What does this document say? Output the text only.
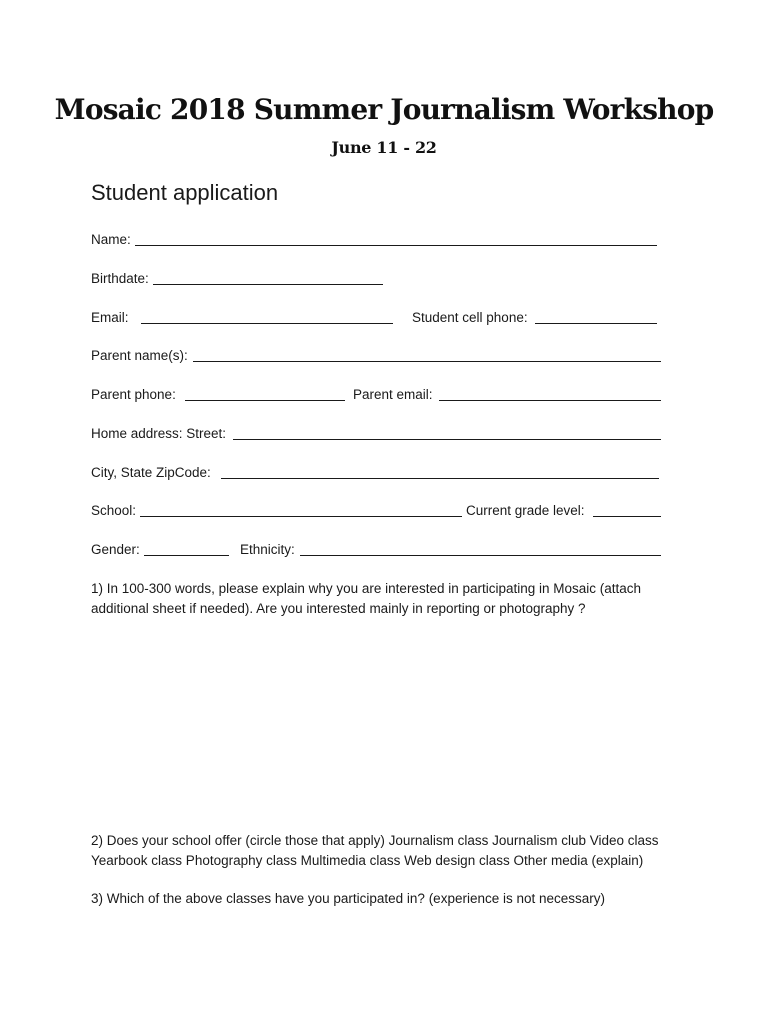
Mosaic 2018 Summer Journalism Workshop
June 11 - 22
Student application
Name:
Birthdate:
Email:	Student cell phone:
Parent name(s):
Parent phone:	Parent email:
Home address: Street:
City, State ZipCode:
School:	Current grade level:
Gender:	Ethnicity:

1) In 100-300 words, please explain why you are interested in participating in Mosaic (attach

additional sheet if needed). Are you interested mainly in reporting or photography ?

2) Does your school offer (circle those that apply) Journalism class Journalism club Video class

Yearbook class Photography class Multimedia class Web design class Other media (explain)

3) Which of the above classes have you participated in? (experience is not necessary)
